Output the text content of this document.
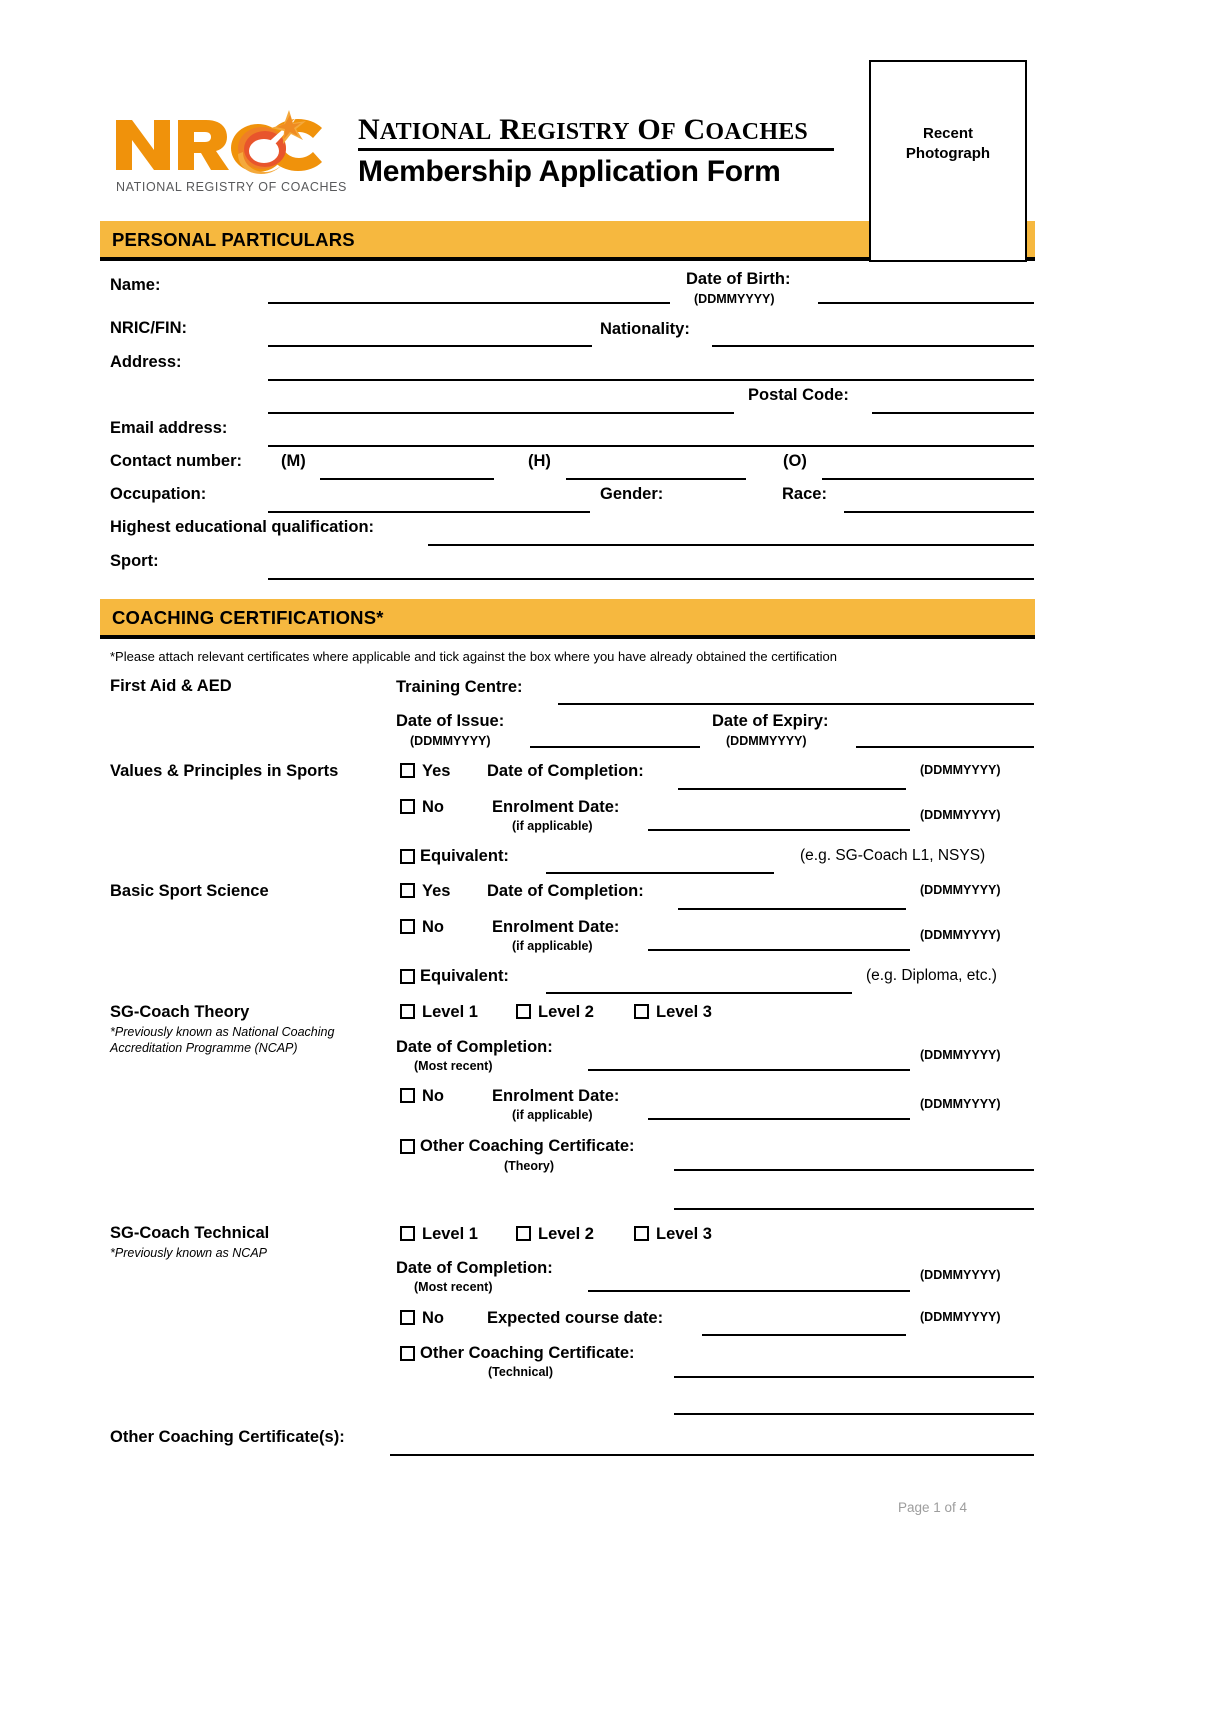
NATIONAL REGISTRY OF COACHES
NATIONAL REGISTRY OF COACHES
Membership Application Form
Recent
Photograph
PERSONAL PARTICULARS
Name:	Date of Birth:
(DDMMYYYY)
NRIC/FIN:	Nationality:
Address:
Postal Code:
Email address:
Contact number: (M)	(H)	(O)
Occupation:	Gender:	Race:
Highest educational qualification:
Sport:
COACHING CERTIFICATIONS*
*Please attach relevant certificates where applicable and tick against the box where you have already obtained the certification
First Aid & AED	Training Centre:
Date of Issue:
(DDMMYYYY)
Date of Expiry:
(DDMMYYYY)
Values & Principles in Sports	Yes Date of Completion:	(DDMMYYYY)
No	Enrolment Date:
(if applicable)
(DDMMYYYY)
Equivalent:	(e.g. SG-Coach L1, NSYS)
Basic Sport Science	Yes Date of Completion:	(DDMMYYYY)
No	Enrolment Date:
(if applicable)
(DDMMYYYY)
Equivalent:	(e.g. Diploma, etc.)
SG-Coach Theory
*Previously known as National Coaching Accreditation Programme (NCAP)
Level 1	Level 2	Level 3
Date of Completion:
(Most recent)
(DDMMYYYY)
No	Enrolment Date:
(if applicable)
(DDMMYYYY)
Other Coaching Certificate:
(Theory)
SG-Coach Technical
*Previously known as NCAP
Level 1	Level 2	Level 3
Date of Completion:
(Most recent)
(DDMMYYYY)
No	Expected course date:	(DDMMYYYY)
Other Coaching Certificate:
(Technical)
Other Coaching Certificate(s):
Page 1 of 4
